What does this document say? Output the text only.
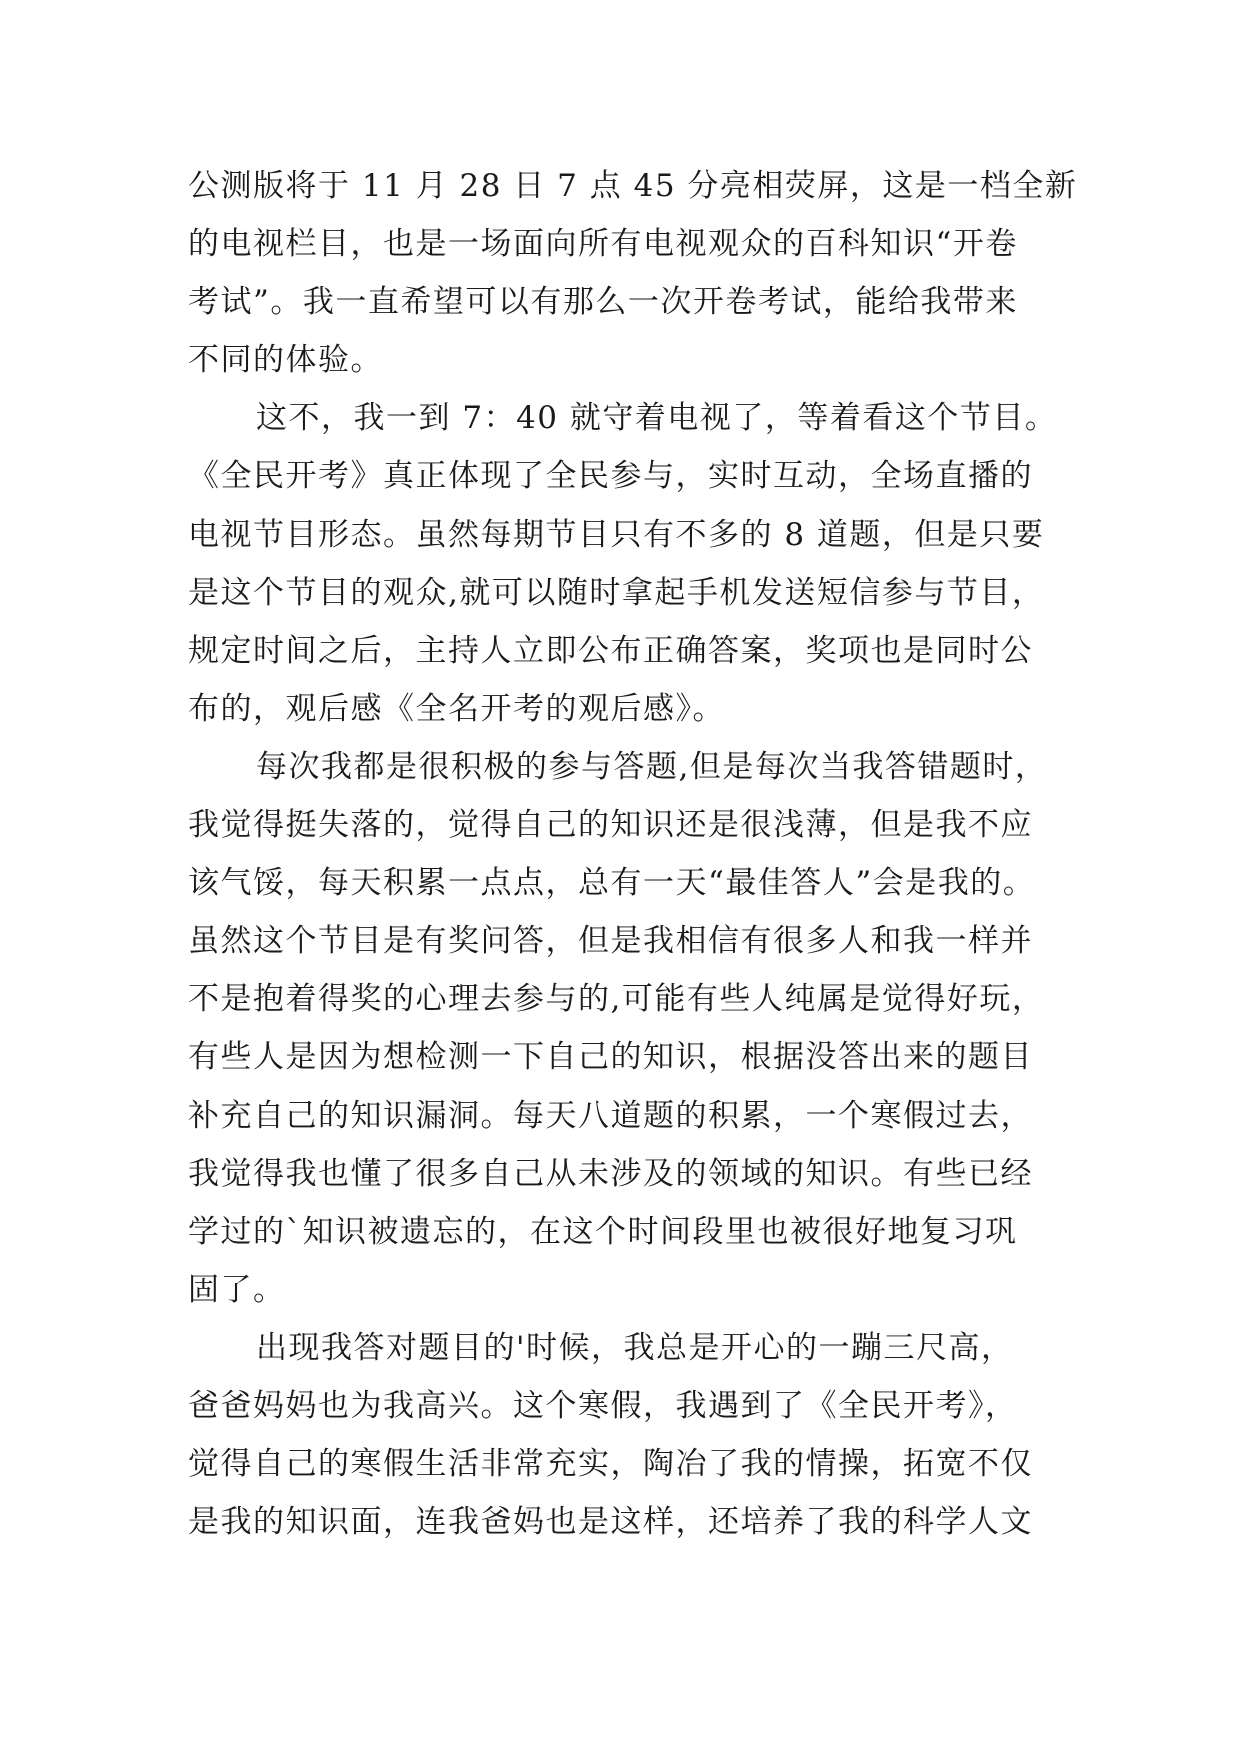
公测版将于 11 月 28 日 7 点 45 分亮相荧屏，这是一档全新
的电视栏目，也是一场面向所有电视观众的百科知识“开卷
考试”。我一直希望可以有那么一次开卷考试，能给我带来
不同的体验。
这不，我一到 7：40 就守着电视了，等着看这个节目。
《全民开考》真正体现了全民参与，实时互动，全场直播的
电视节目形态。虽然每期节目只有不多的 8 道题，但是只要
是这个节目的观众,就可以随时拿起手机发送短信参与节目，
规定时间之后，主持人立即公布正确答案，奖项也是同时公
布的，观后感《全名开考的观后感》。
每次我都是很积极的参与答题,但是每次当我答错题时，
我觉得挺失落的，觉得自己的知识还是很浅薄，但是我不应
该气馁，每天积累一点点，总有一天“最佳答人”会是我的。
虽然这个节目是有奖问答，但是我相信有很多人和我一样并
不是抱着得奖的心理去参与的,可能有些人纯属是觉得好玩，
有些人是因为想检测一下自己的知识，根据没答出来的题目
补充自己的知识漏洞。每天八道题的积累，一个寒假过去，
我觉得我也懂了很多自己从未涉及的领域的知识。有些已经
学过的`知识被遗忘的，在这个时间段里也被很好地复习巩
固了。
出现我答对题目的'时候，我总是开心的一蹦三尺高，
爸爸妈妈也为我高兴。这个寒假，我遇到了《全民开考》，
觉得自己的寒假生活非常充实，陶冶了我的情操，拓宽不仅
是我的知识面，连我爸妈也是这样，还培养了我的科学人文
